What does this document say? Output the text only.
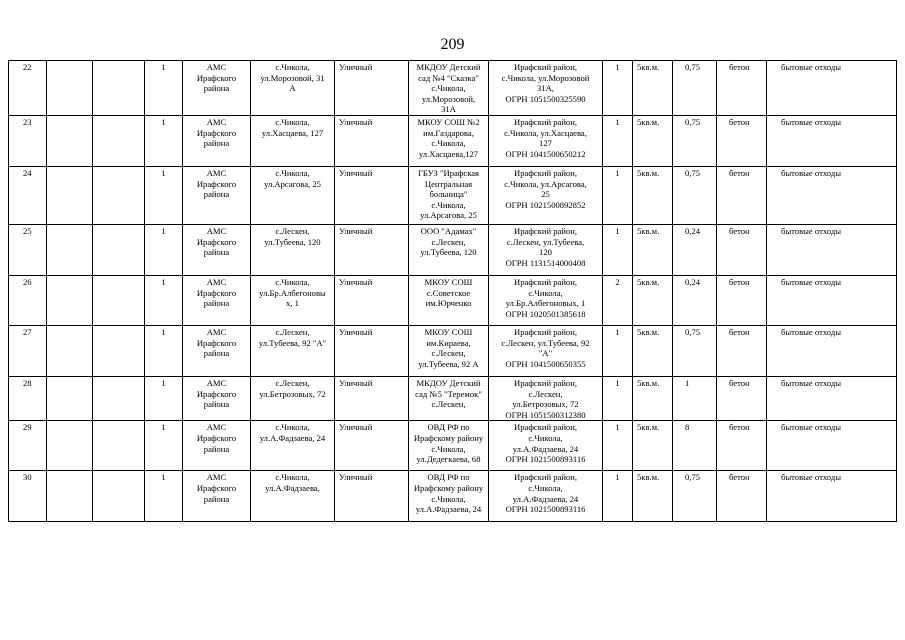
209
22			1	АМС
Ирафского
района	с.Чикола,
ул.Морозовой, 31
А	Уличный	МКДОУ Детский
сад №4 "Сказка"
с.Чикола,
ул.Морозовой,
31А	Ирафский район,
с.Чикола, ул.Морозовой
31А,
ОГРН 1051500325590	1	5кв.м.	0,75	бетон	бытовые отходы
23			1	АМС
Ирафского
района	с.Чикола,
ул.Хасцаева, 127	Уличный	МКОУ СОШ №2
им.Газдарова,
с.Чикола,
ул.Хасцаева,127	Ирафский район,
с.Чикола, ул.Хасцаева,
127
ОГРН 1041500650212	1	5кв.м.	0,75	бетон	бытовые отходы
24			1	АМС
Ирафского
района	с.Чикола,
ул.Арсагова, 25	Уличный	ГБУЗ "Ирафская
Центральная
больница"
с.Чикола,
ул.Арсагова, 25	Ирафский район,
с.Чикола, ул.Арсагова,
25
ОГРН 1021500892852	1	5кв.м.	0,75	бетон	бытовые отходы
25			1	АМС
Ирафского
района	с.Лескен,
ул.Тубеева, 120	Уличный	ООО "Адамах"
с.Лескен,
ул.Тубеева, 120	Ирафский район,
с.Лескен, ул.Тубеева,
120
ОГРН 1131514000408	1	5кв.м.	0,24	бетон	бытовые отходы
26			1	АМС
Ирафского
района	с.Чикола,
ул.Бр.Албегоновы
х, 1	Уличный	МКОУ СОШ
с.Советское
им.Юрченко	Ирафский район,
с.Чикола,
ул.Бр.Албегоновых, 1
ОГРН 1020501385618	2	5кв.м.	0,24	бетон	бытовые отходы
27			1	АМС
Ирафского
района	с.Лескен,
ул.Тубеева, 92 "А"	Уличный	МКОУ СОШ
им.Кираева,
с.Лескен,
ул.Тубеева, 92 А	Ирафский район,
с.Лескен, ул.Тубеева, 92
"А"
ОГРН 1041500650355	1	5кв.м.	0,75	бетон	бытовые отходы
28			1	АМС
Ирафского
района	с.Лескен,
ул.Бетрозовых, 72	Уличный	МКДОУ Детский
сад №5 "Теремок"
с.Лескен,	Ирафский район,
с.Лескен,
ул.Бетрозовых, 72
ОГРН 1051500312380	1	5кв.м.	1	бетон	бытовые отходы
29			1	АМС
Ирафского
района	с.Чикола,
ул.А.Фадзаева, 24	Уличный	ОВД РФ по
Ирафскому району
с.Чикола,
ул.Дедегкаева, 68	Ирафский район,
с.Чикола,
ул.А.Фадзаева, 24
ОГРН 1021500893116	1	5кв.м.	8	бетон	бытовые отходы
30			1	АМС
Ирафского
района	с.Чикола,
ул.А.Фадзаева,	Уличный	ОВД РФ по
Ирафскому району
с.Чикола,
ул.А.Фадзаева, 24	Ирафский район,
с.Чикола,
ул.А.Фадзаева, 24
ОГРН 1021500893116	1	5кв.м.	0,75	бетон	бытовые отходы
